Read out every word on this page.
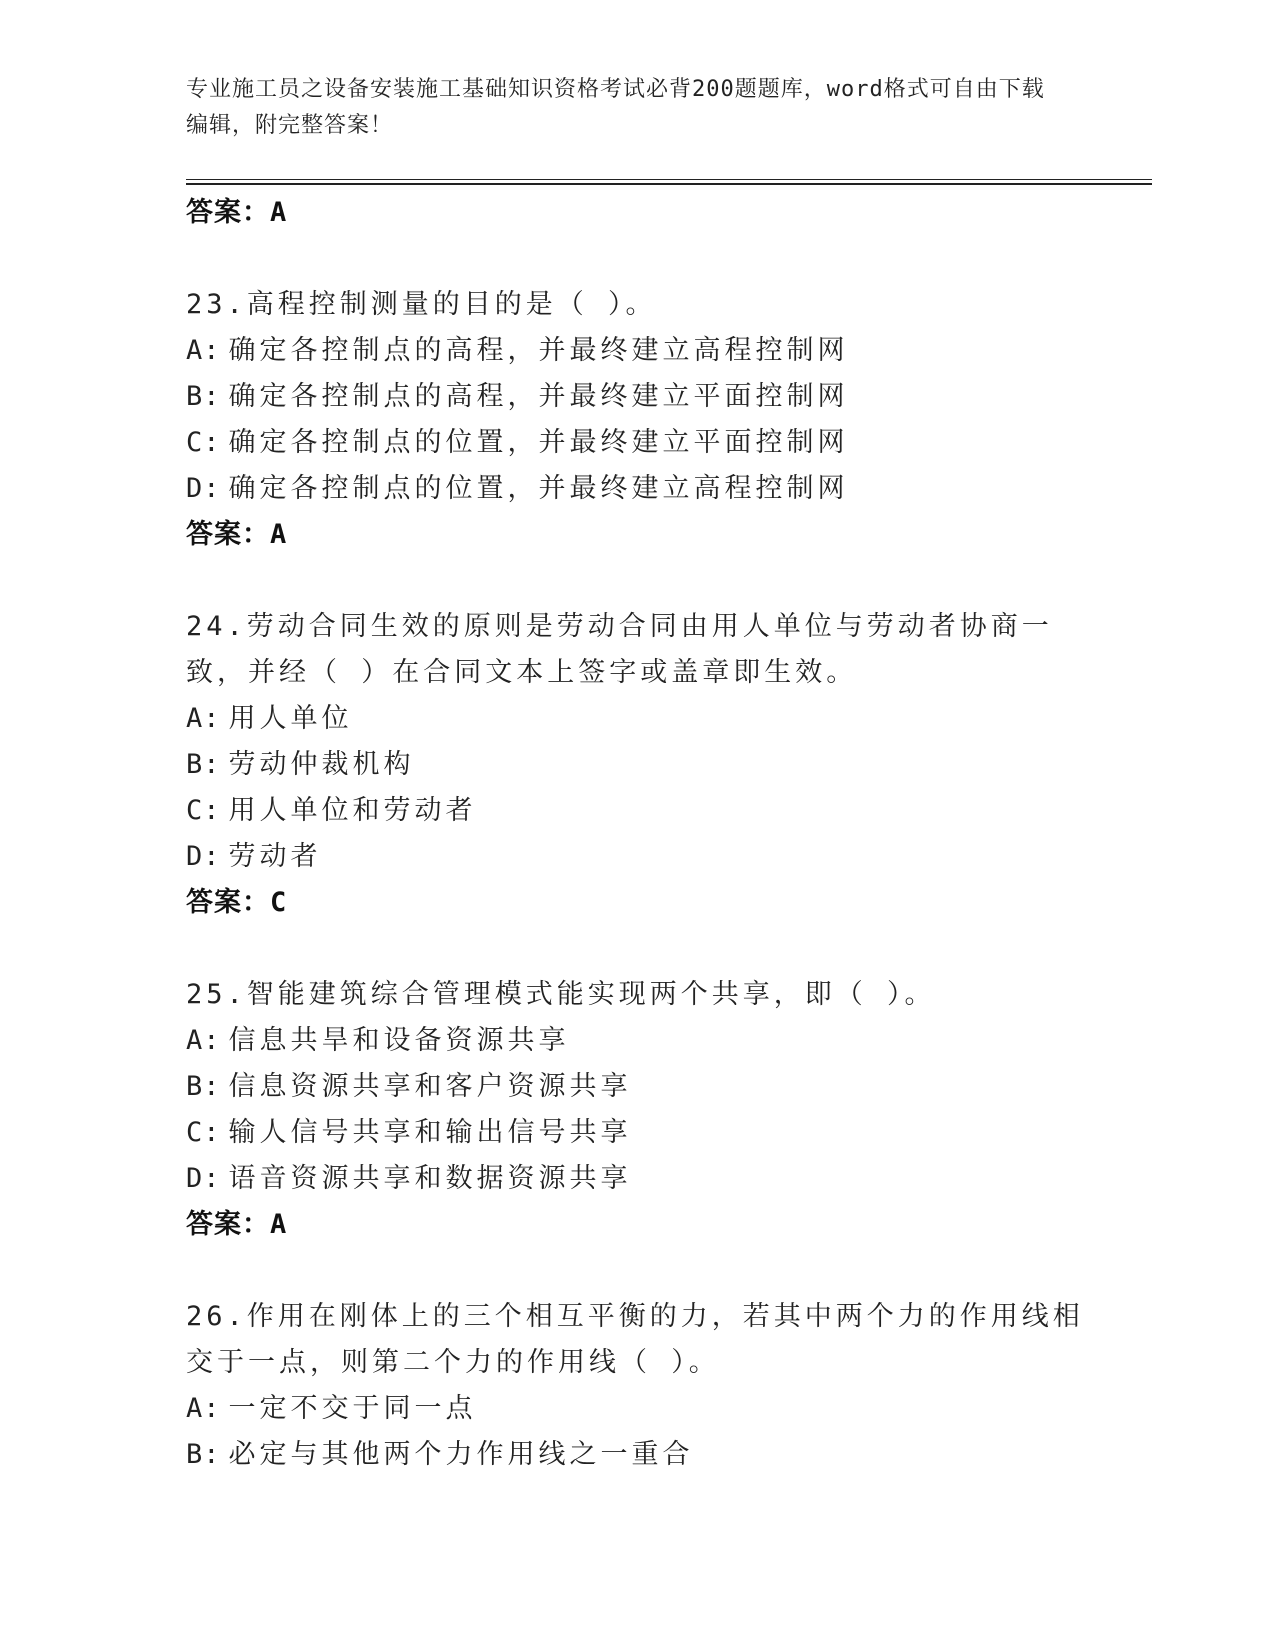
专业施工员之设备安装施工基础知识资格考试必背200题题库，word格式可自由下载编辑，附完整答案！
答案：A
23.高程控制测量的目的是（ ）。
A: 确定各控制点的高程，并最终建立高程控制网
B: 确定各控制点的高程，并最终建立平面控制网
C: 确定各控制点的位置，并最终建立平面控制网
D: 确定各控制点的位置，并最终建立高程控制网
答案：A
24.劳动合同生效的原则是劳动合同由用人单位与劳动者协商一致，并经（ ）在合同文本上签字或盖章即生效。
A: 用人单位
B: 劳动仲裁机构
C: 用人单位和劳动者
D: 劳动者
答案：C
25.智能建筑综合管理模式能实现两个共享，即（ ）。
A: 信息共旱和设备资源共享
B: 信息资源共享和客户资源共享
C: 输人信号共享和输出信号共享
D: 语音资源共享和数据资源共享
答案：A
26.作用在刚体上的三个相互平衡的力，若其中两个力的作用线相交于一点，则第二个力的作用线（ ）。
A: 一定不交于同一点
B: 必定与其他两个力作用线之一重合
